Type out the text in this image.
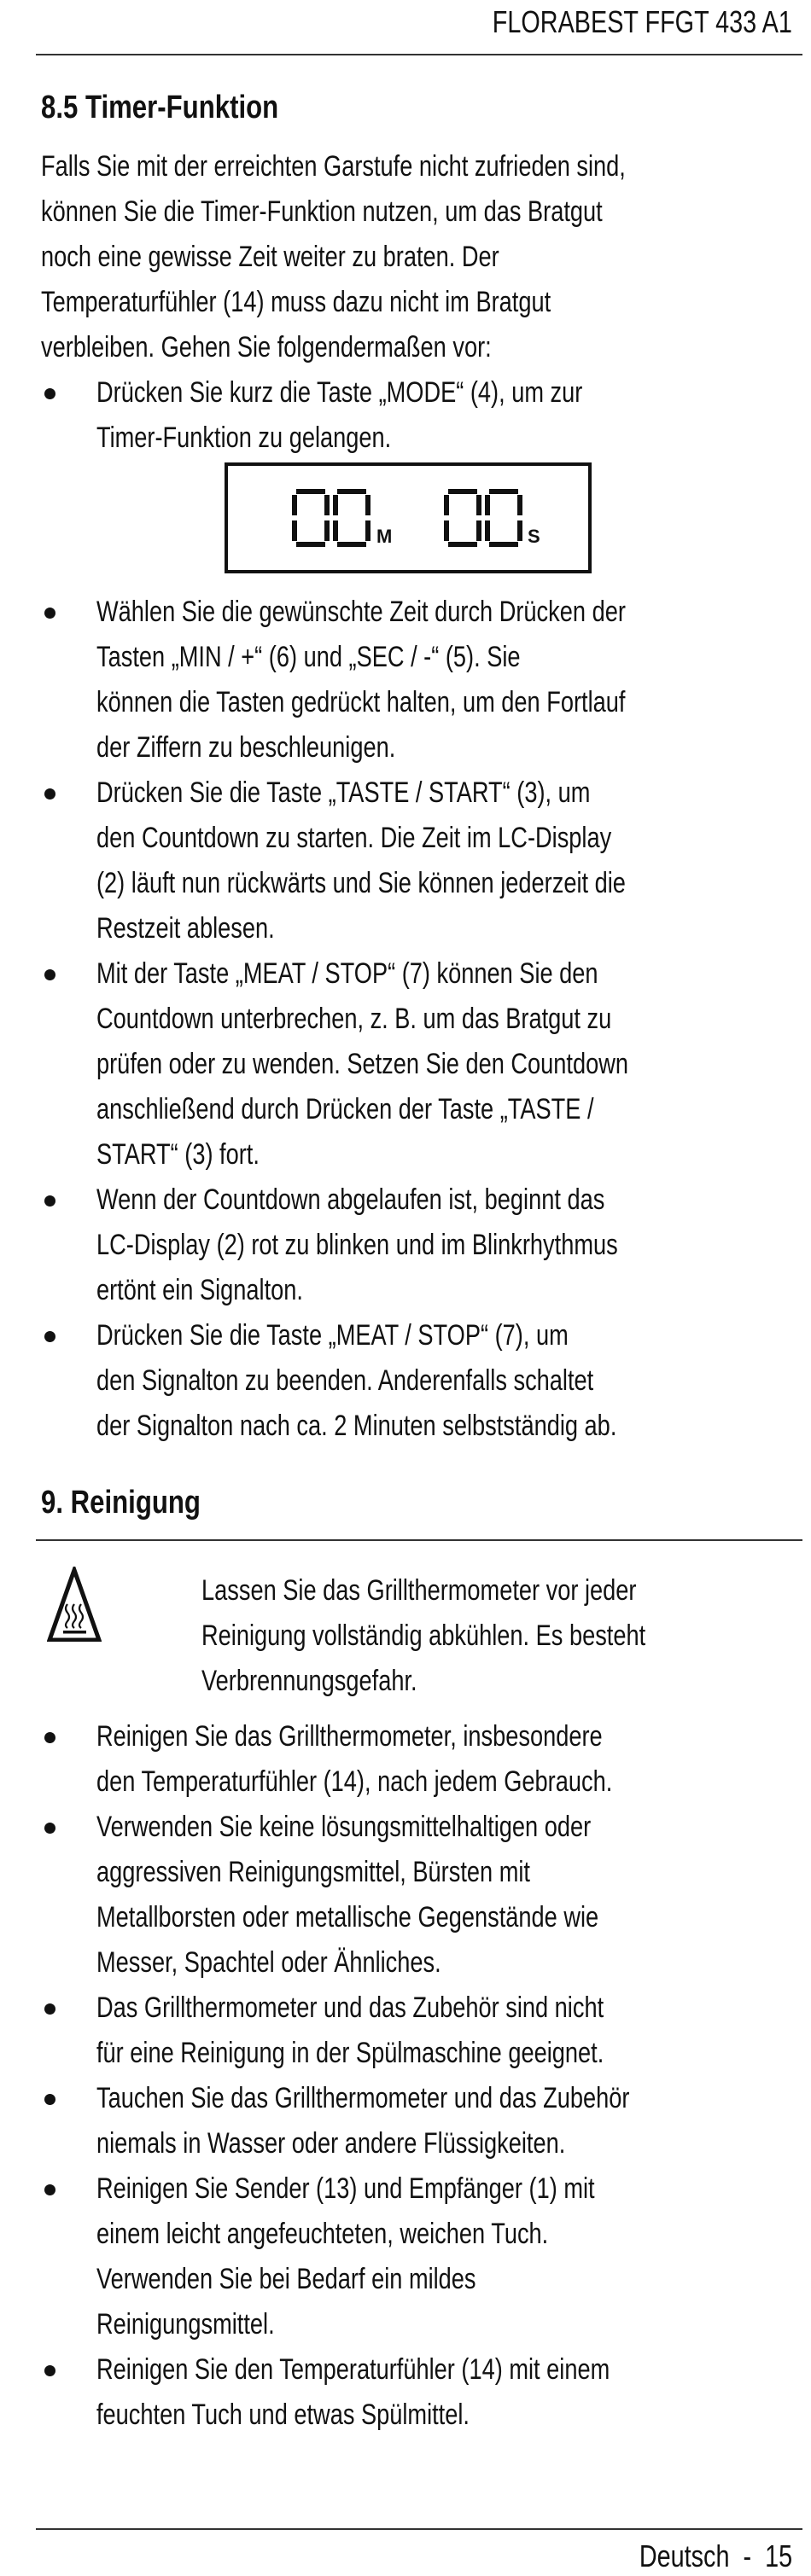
FLORABEST FFGT 433 A1
8.5 Timer-Funktion
Falls Sie mit der erreichten Garstufe nicht zufrieden sind,
können Sie die Timer-Funktion nutzen, um das Bratgut
noch eine gewisse Zeit weiter zu braten. Der
Temperaturfühler (14) muss dazu nicht im Bratgut
verbleiben. Gehen Sie folgendermaßen vor:
Drücken Sie kurz die Taste „MODE“ (4), um zur
Timer-Funktion zu gelangen.
M	S
Wählen Sie die gewünschte Zeit durch Drücken der
Tasten „MIN / +“ (6) und „SEC / -“ (5). Sie
können die Tasten gedrückt halten, um den Fortlauf
der Ziffern zu beschleunigen.
Drücken Sie die Taste „TASTE / START“ (3), um
den Countdown zu starten. Die Zeit im LC-Display
(2) läuft nun rückwärts und Sie können jederzeit die
Restzeit ablesen.
Mit der Taste „MEAT / STOP“ (7) können Sie den
Countdown unterbrechen, z. B. um das Bratgut zu
prüfen oder zu wenden. Setzen Sie den Countdown
anschließend durch Drücken der Taste „TASTE /
START“ (3) fort.
Wenn der Countdown abgelaufen ist, beginnt das
LC-Display (2) rot zu blinken und im Blinkrhythmus
ertönt ein Signalton.
Drücken Sie die Taste „MEAT / STOP“ (7), um
den Signalton zu beenden. Anderenfalls schaltet
der Signalton nach ca. 2 Minuten selbstständig ab.
9. Reinigung
Lassen Sie das Grillthermometer vor jeder
Reinigung vollständig abkühlen. Es besteht
Verbrennungsgefahr.
Reinigen Sie das Grillthermometer, insbesondere
den Temperaturfühler (14), nach jedem Gebrauch.
Verwenden Sie keine lösungsmittelhaltigen oder
aggressiven Reinigungsmittel, Bürsten mit
Metallborsten oder metallische Gegenstände wie
Messer, Spachtel oder Ähnliches.
Das Grillthermometer und das Zubehör sind nicht
für eine Reinigung in der Spülmaschine geeignet.
Tauchen Sie das Grillthermometer und das Zubehör
niemals in Wasser oder andere Flüssigkeiten.
Reinigen Sie Sender (13) und Empfänger (1) mit
einem leicht angefeuchteten, weichen Tuch.
Verwenden Sie bei Bedarf ein mildes
Reinigungsmittel.
Reinigen Sie den Temperaturfühler (14) mit einem
feuchten Tuch und etwas Spülmittel.
Deutsch  -  15
